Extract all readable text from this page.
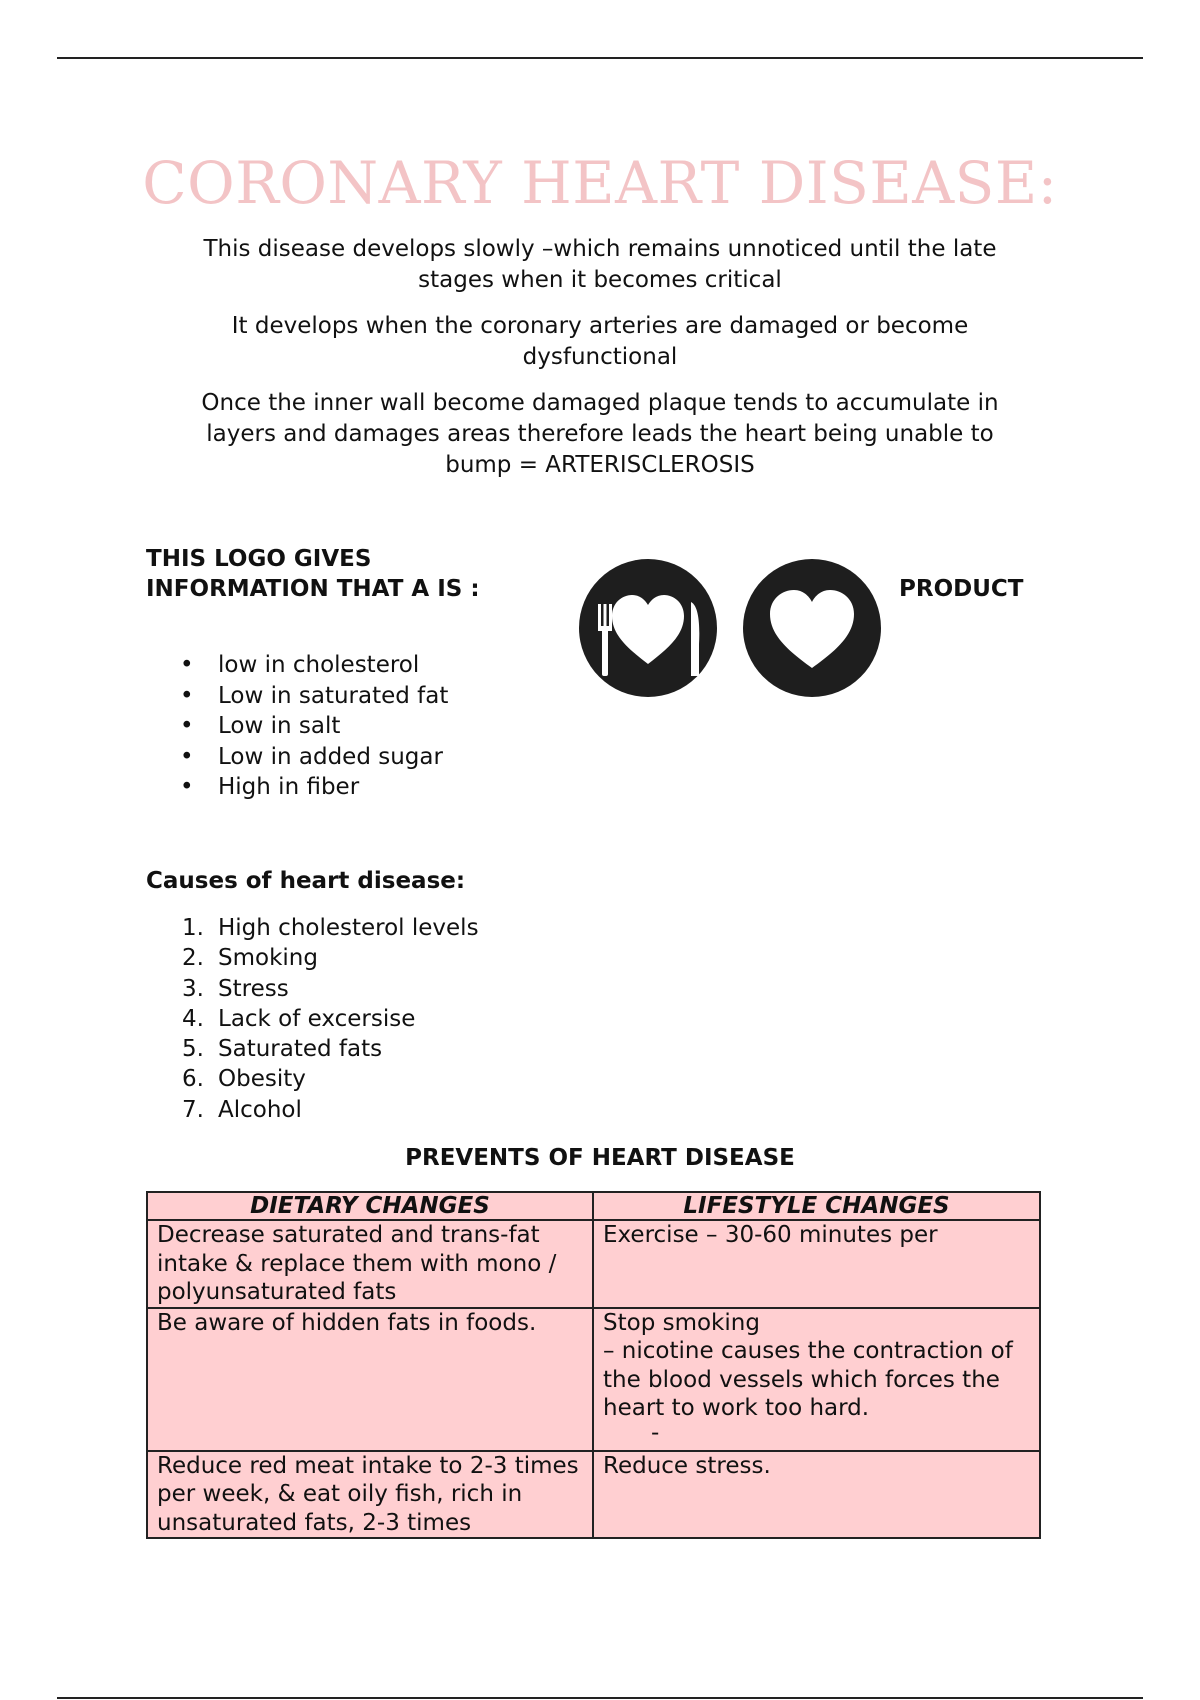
CORONARY HEART DISEASE:

This disease develops slowly –which remains unnoticed until the late stages when it becomes critical

It develops when the coronary arteries are damaged or become dysfunctional

Once the inner wall become damaged plaque tends to accumulate in layers and damages areas therefore leads the heart being unable to bump = ARTERISCLEROSIS

THIS LOGO GIVES INFORMATION THAT A IS :	PRODUCT
• low in cholesterol
• Low in saturated fat
• Low in salt
• Low in added sugar
• High in fiber
Causes of heart disease:
1. High cholesterol levels
2. Smoking
3. Stress
4. Lack of excersise
5. Saturated fats
6. Obesity
7. Alcohol
PREVENTS OF HEART DISEASE
DIETARY CHANGES	LIFESTYLE CHANGES
Decrease saturated and trans-fat intake & replace them with mono / polyunsaturated fats	Exercise – 30-60 minutes per

Be aware of hidden fats in foods.	Stop smoking
– nicotine causes the contraction of the blood vessels which forces the heart to work too hard.
-

Reduce red meat intake to 2-3 times per week, & eat oily fish, rich in unsaturated fats, 2-3 times	Reduce stress.
